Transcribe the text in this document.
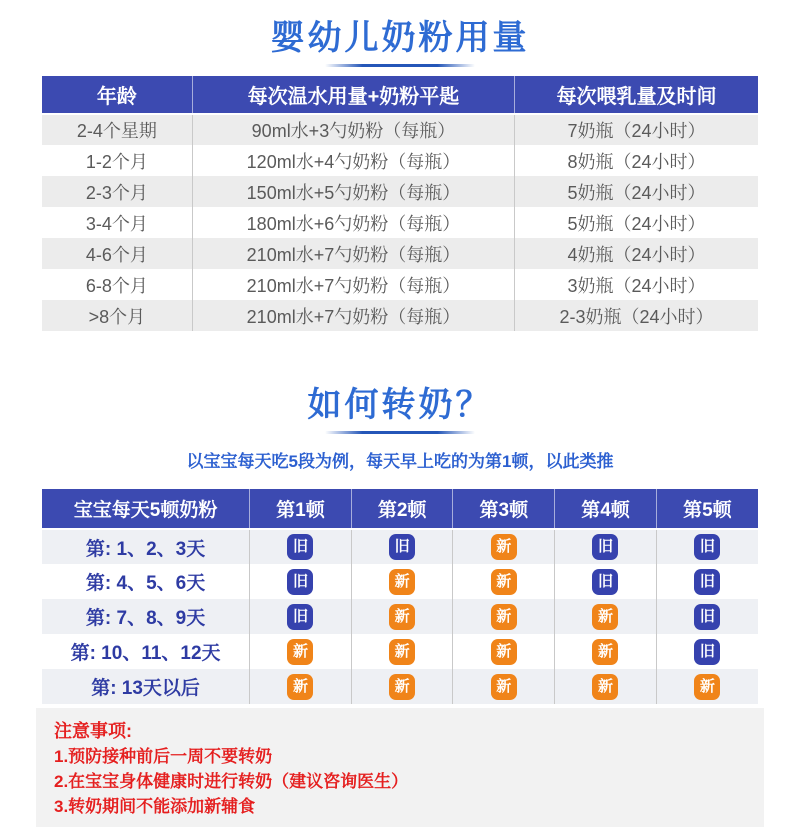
婴幼儿奶粉用量
年龄	每次温水用量+奶粉平匙	每次喂乳量及时间
2-4个星期	90ml水+3勺奶粉（每瓶）	7奶瓶（24小时）
1-2个月	120ml水+4勺奶粉（每瓶）	8奶瓶（24小时）
2-3个月	150ml水+5勺奶粉（每瓶）	5奶瓶（24小时）
3-4个月	180ml水+6勺奶粉（每瓶）	5奶瓶（24小时）
4-6个月	210ml水+7勺奶粉（每瓶）	4奶瓶（24小时）
6-8个月	210ml水+7勺奶粉（每瓶）	3奶瓶（24小时）
>8个月	210ml水+7勺奶粉（每瓶）	2-3奶瓶（24小时）
如何转奶？

以宝宝每天吃5段为例，每天早上吃的为第1顿，以此类推

宝宝每天5顿奶粉	第1顿	第2顿	第3顿	第4顿	第5顿
第: 1、2、3天	旧	旧	新	旧	旧
第: 4、5、6天	旧	新	新	旧	旧
第: 7、8、9天	旧	新	新	新	旧
第: 10、11、12天	新	新	新	新	旧
第: 13天以后	新	新	新	新	新

注意事项:

1.预防接种前后一周不要转奶
2.在宝宝身体健康时进行转奶（建议咨询医生）
3.转奶期间不能添加新辅食
